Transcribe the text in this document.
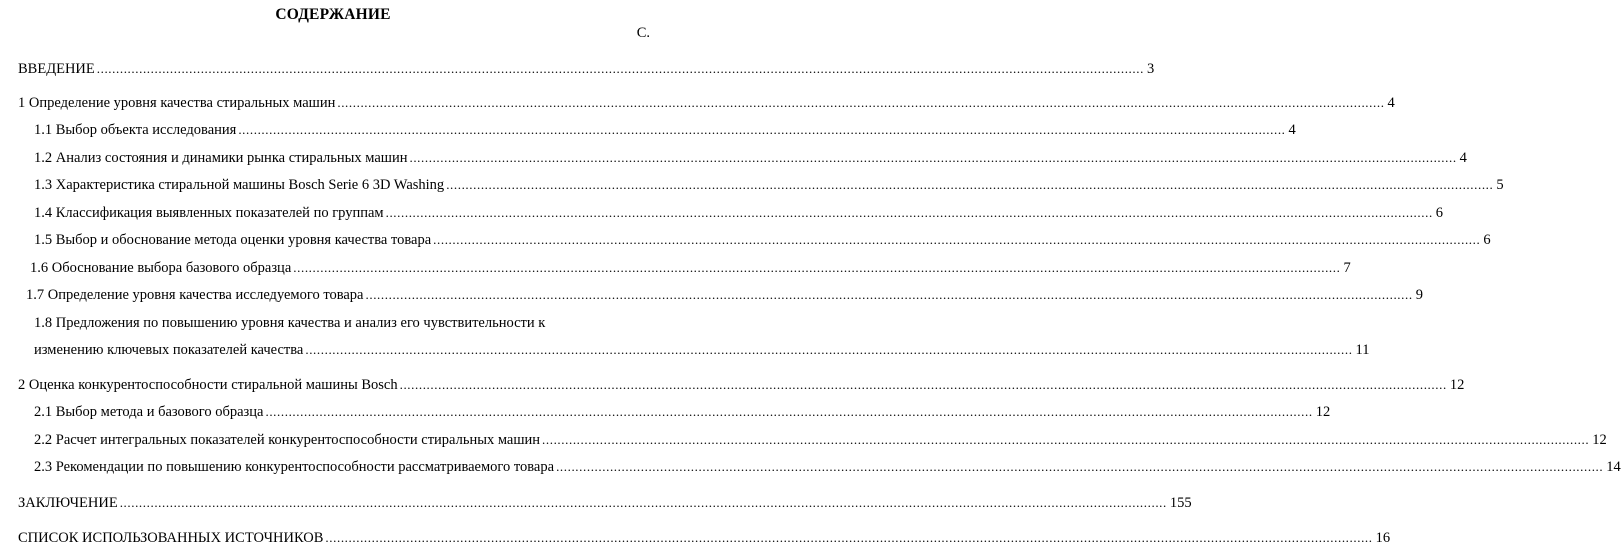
СОДЕРЖАНИЕ
С.
ВВЕДЕНИЕ ................................................................................................................................................................................................................................................................................ 3
1 Определение уровня качества стиральных машин ................................................................................................................................................................................................................................................................................ 4
1.1 Выбор объекта исследования ................................................................................................................................................................................................................................................................................ 4
1.2 Анализ состояния и динамики рынка стиральных машин ................................................................................................................................................................................................................................................................................ 4
1.3 Характеристика стиральной машины Bosch Serie 6 3D Washing ................................................................................................................................................................................................................................................................................ 5
1.4 Классификация выявленных показателей по группам ................................................................................................................................................................................................................................................................................ 6
1.5 Выбор и обоснование метода оценки уровня качества товара ................................................................................................................................................................................................................................................................................ 6
1.6 Обоснование выбора базового образца ................................................................................................................................................................................................................................................................................ 7
1.7 Определение уровня качества исследуемого товара ................................................................................................................................................................................................................................................................................ 9
1.8 Предложения по повышению уровня качества и анализ его чувствительности к
изменению ключевых показателей качества ................................................................................................................................................................................................................................................................................ 11
2 Оценка конкурентоспособности стиральной машины Bosch ................................................................................................................................................................................................................................................................................ 12
2.1 Выбор метода и базового образца ................................................................................................................................................................................................................................................................................ 12
2.2 Расчет интегральных показателей конкурентоспособности стиральных машин ................................................................................................................................................................................................................................................................................ 12
2.3 Рекомендации по повышению конкурентоспособности рассматриваемого товара ................................................................................................................................................................................................................................................................................ 14
ЗАКЛЮЧЕНИЕ ................................................................................................................................................................................................................................................................................ 155
СПИСОК ИСПОЛЬЗОВАННЫХ ИСТОЧНИКОВ ................................................................................................................................................................................................................................................................................ 16
